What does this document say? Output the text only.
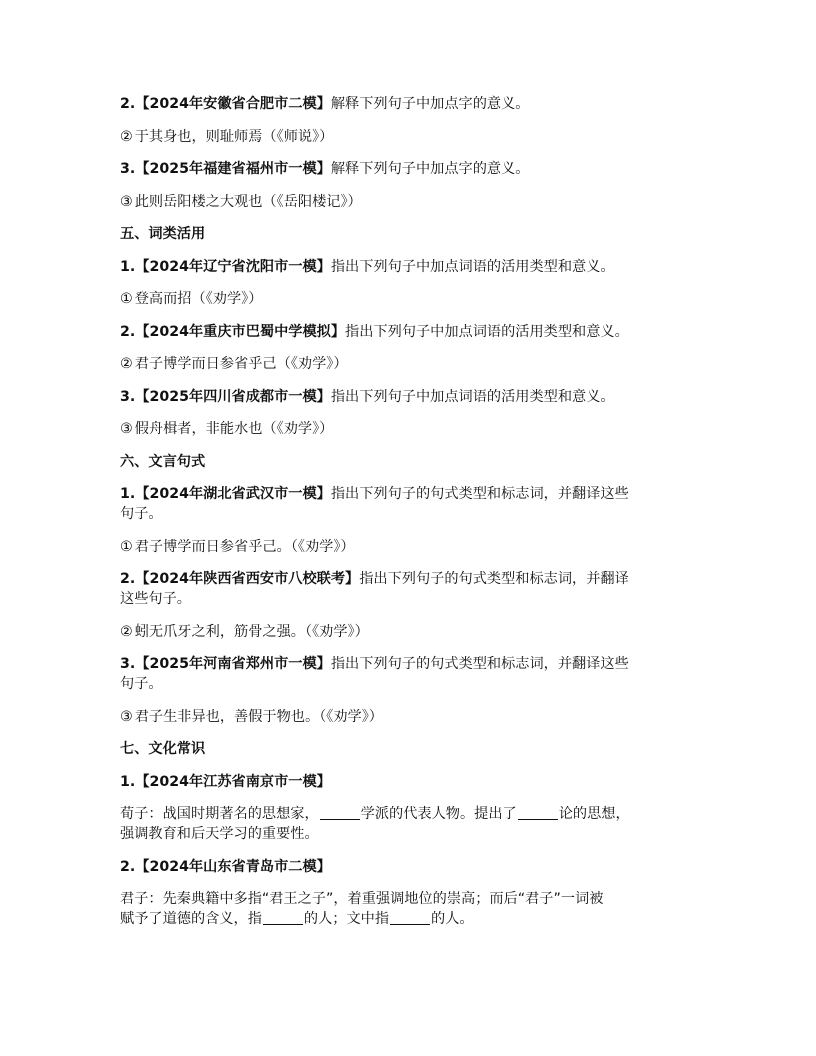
2.【2024年安徽省合肥市二模】解释下列句子中加点字的意义。

② 于其身也，则耻师焉（《师说》）

3.【2025年福建省福州市一模】解释下列句子中加点字的意义。

③ 此则岳阳楼之大观也（《岳阳楼记》）

五、词类活用

1.【2024年辽宁省沈阳市一模】指出下列句子中加点词语的活用类型和意义。

① 登高而招（《劝学》）

2.【2024年重庆市巴蜀中学模拟】指出下列句子中加点词语的活用类型和意义。

② 君子博学而日参省乎己（《劝学》）

3.【2025年四川省成都市一模】指出下列句子中加点词语的活用类型和意义。

③ 假舟楫者，非能水也（《劝学》）

六、文言句式

1.【2024年湖北省武汉市一模】指出下列句子的句式类型和标志词，并翻译这些
句子。

① 君子博学而日参省乎己。（《劝学》）

2.【2024年陕西省西安市八校联考】指出下列句子的句式类型和标志词，并翻译
这些句子。

② 蚓无爪牙之利，筋骨之强。（《劝学》）

3.【2025年河南省郑州市一模】指出下列句子的句式类型和标志词，并翻译这些
句子。

③ 君子生非异也，善假于物也。（《劝学》）

七、文化常识

1.【2024年江苏省南京市一模】

荀子：战国时期著名的思想家，	学派的代表人物。提出了	论的思想，
强调教育和后天学习的重要性。

2.【2024年山东省青岛市二模】

君子：先秦典籍中多指“君王之子”，着重强调地位的崇高；而后“君子”一词被
赋予了道德的含义，指	的人；文中指	的人。
